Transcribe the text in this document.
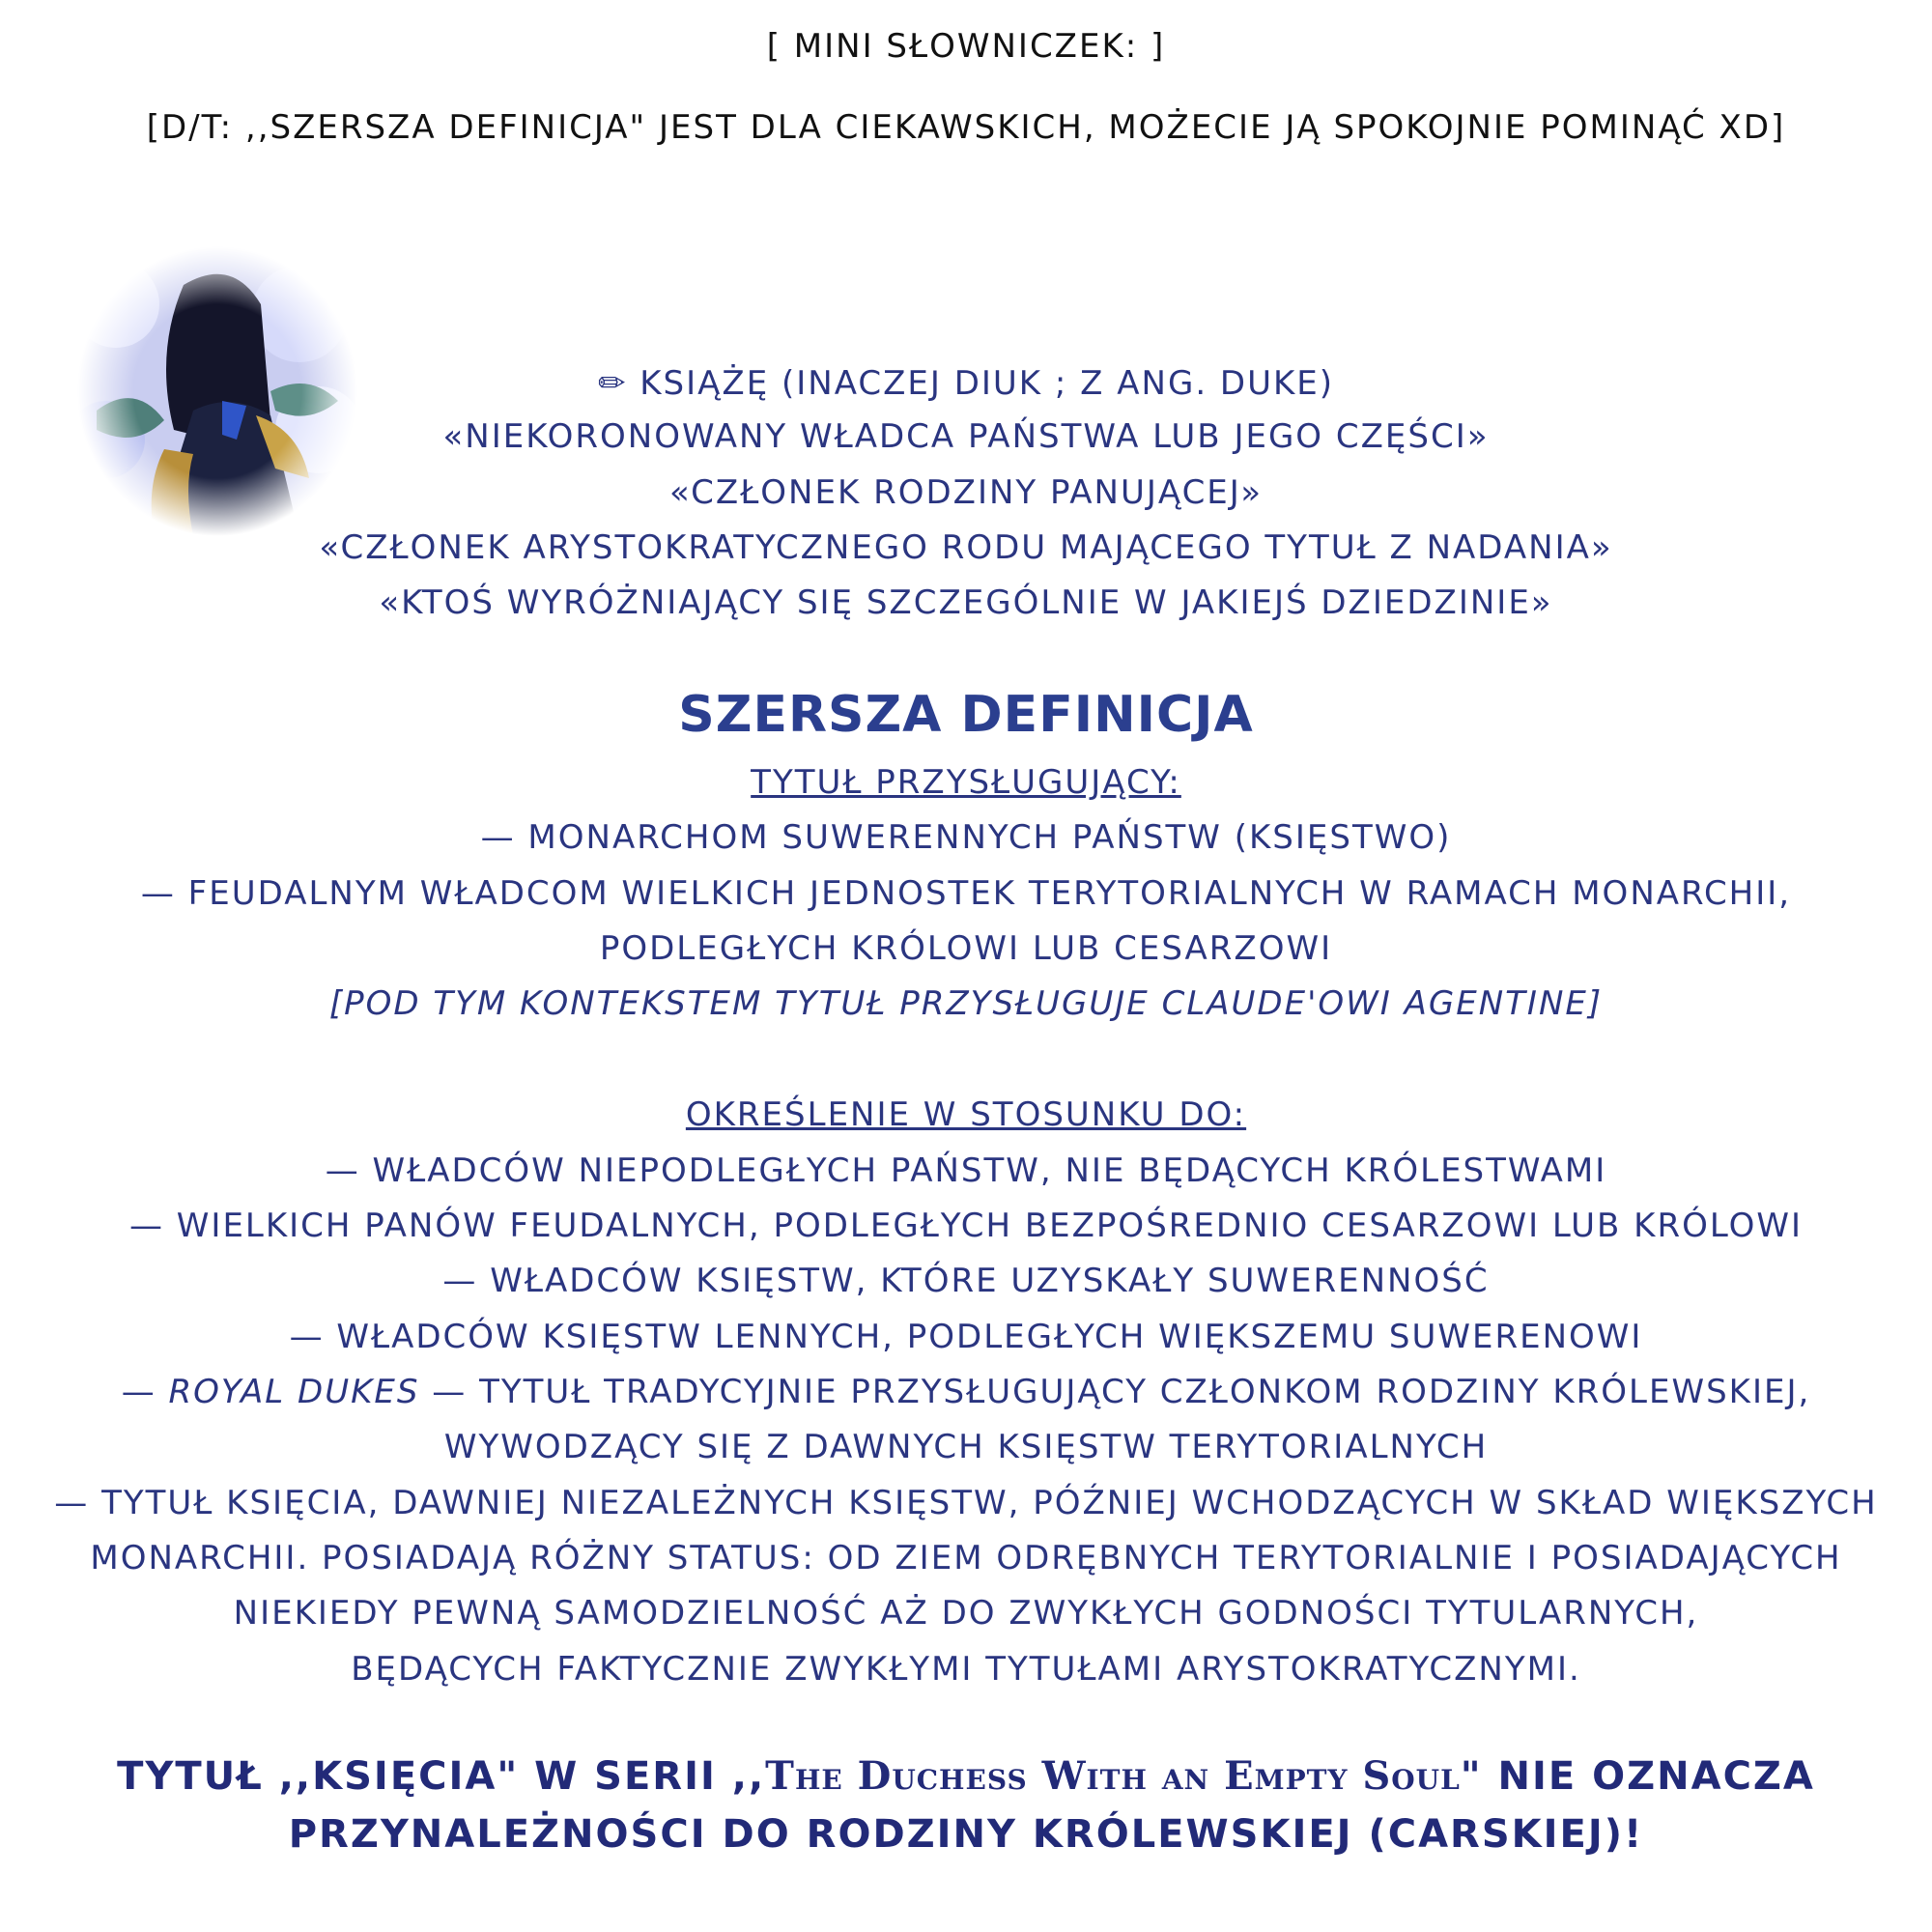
[ MINI SŁOWNICZEK: ]
[D/T: ,,SZERSZA DEFINICJA" JEST DLA CIEKAWSKICH, MOŻECIE JĄ SPOKOJNIE POMINĄĆ XD]
✏ KSIĄŻĘ (INACZEJ DIUK ; Z ANG. DUKE)
«NIEKORONOWANY WŁADCA PAŃSTWA LUB JEGO CZĘŚCI»
«CZŁONEK RODZINY PANUJĄCEJ»
«CZŁONEK ARYSTOKRATYCZNEGO RODU MAJĄCEGO TYTUŁ Z NADANIA»
«KTOŚ WYRÓŻNIAJĄCY SIĘ SZCZEGÓLNIE W JAKIEJŚ DZIEDZINIE»
SZERSZA DEFINICJA
TYTUŁ PRZYSŁUGUJĄCY:
— MONARCHOM SUWERENNYCH PAŃSTW (KSIĘSTWO)
— FEUDALNYM WŁADCOM WIELKICH JEDNOSTEK TERYTORIALNYCH W RAMACH MONARCHII,
PODLEGŁYCH KRÓLOWI LUB CESARZOWI
[POD TYM KONTEKSTEM TYTUŁ PRZYSŁUGUJE CLAUDE'OWI AGENTINE]
OKREŚLENIE W STOSUNKU DO:
— WŁADCÓW NIEPODLEGŁYCH PAŃSTW, NIE BĘDĄCYCH KRÓLESTWAMI
— WIELKICH PANÓW FEUDALNYCH, PODLEGŁYCH BEZPOŚREDNIO CESARZOWI LUB KRÓLOWI
— WŁADCÓW KSIĘSTW, KTÓRE UZYSKAŁY SUWERENNOŚĆ
— WŁADCÓW KSIĘSTW LENNYCH, PODLEGŁYCH WIĘKSZEMU SUWERENOWI
— ROYAL DUKES — TYTUŁ TRADYCYJNIE PRZYSŁUGUJĄCY CZŁONKOM RODZINY KRÓLEWSKIEJ,
WYWODZĄCY SIĘ Z DAWNYCH KSIĘSTW TERYTORIALNYCH
— TYTUŁ KSIĘCIA, DAWNIEJ NIEZALEŻNYCH KSIĘSTW, PÓŹNIEJ WCHODZĄCYCH W SKŁAD WIĘKSZYCH
MONARCHII. POSIADAJĄ RÓŻNY STATUS: OD ZIEM ODRĘBNYCH TERYTORIALNIE I POSIADAJĄCYCH
NIEKIEDY PEWNĄ SAMODZIELNOŚĆ AŻ DO ZWYKŁYCH GODNOŚCI TYTULARNYCH,
BĘDĄCYCH FAKTYCZNIE ZWYKŁYMI TYTUŁAMI ARYSTOKRATYCZNYMI.
TYTUŁ ,,KSIĘCIA" W SERII ,,The Duchess With an Empty Soul" NIE OZNACZA
PRZYNALEŻNOŚCI DO RODZINY KRÓLEWSKIEJ (CARSKIEJ)!
